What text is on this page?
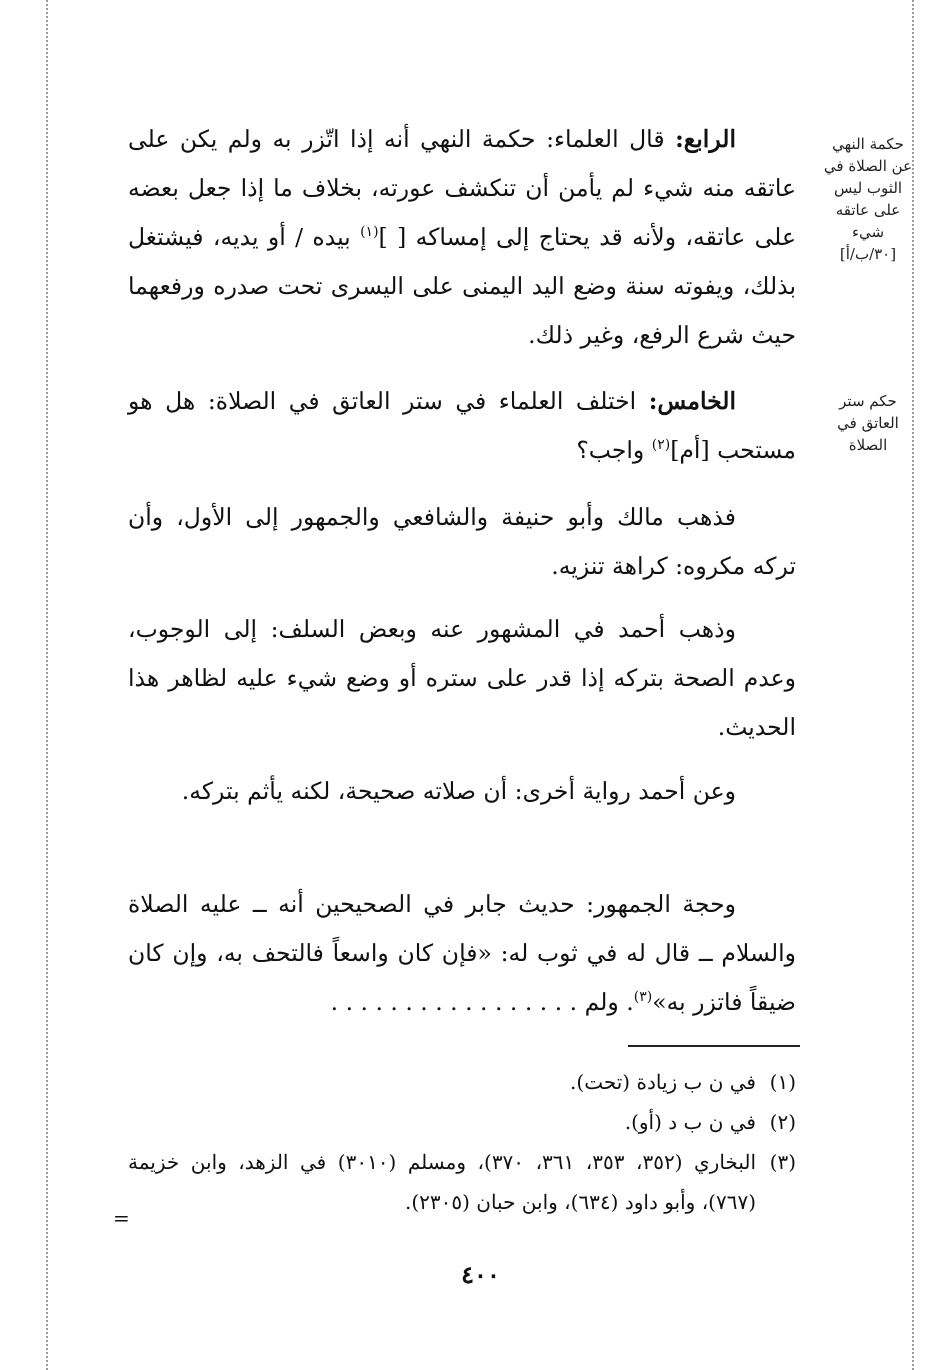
حكمة النهي عن الصلاة في الثوب ليس على عاتقه شيء
[٣٠/ب/أ]
حكم ستر العاتق في الصلاة

الرابع: قال العلماء: حكمة النهي أنه إذا اتّزر به ولم يكن على عاتقه منه شيء لم يأمن أن تنكشف عورته، بخلاف ما إذا جعل بعضه على عاتقه، ولأنه قد يحتاج إلى إمساكه [ ]$^{(١)}$ بيده / أو يديه، فيشتغل بذلك، ويفوته سنة وضع اليد اليمنى على اليسرى تحت صدره ورفعهما حيث شرع الرفع، وغير ذلك.

الخامس: اختلف العلماء في ستر العاتق في الصلاة: هل هو مستحب [أم]$^{(٢)}$ واجب؟

فذهب مالك وأبو حنيفة والشافعي والجمهور إلى الأول، وأن تركه مكروه: كراهة تنزيه.

وذهب أحمد في المشهور عنه وبعض السلف: إلى الوجوب، وعدم الصحة بتركه إذا قدر على ستره أو وضع شيء عليه لظاهر هذا الحديث.

وعن أحمد رواية أخرى: أن صلاته صحيحة، لكنه يأثم بتركه.

وحجة الجمهور: حديث جابر في الصحيحين أنه ــ عليه الصلاة والسلام ــ قال له في ثوب له: «فإن كان واسعاً فالتحف به، وإن كان ضيقاً فاتزر به»$^{(٣)}$. ولم . . . . . . . . . . . . . . . . .

(١)
في ن ب زيادة (تحت).

(٢)
في ن ب د (أو).

(٣)
البخاري (٣٥٢، ٣٥٣، ٣٦١، ٣٧٠)، ومسلم (٣٠١٠) في الزهد، وابن خزيمة (٧٦٧)، وأبو داود (٦٣٤)، وابن حبان (٢٣٠٥).

=
٤٠٠
